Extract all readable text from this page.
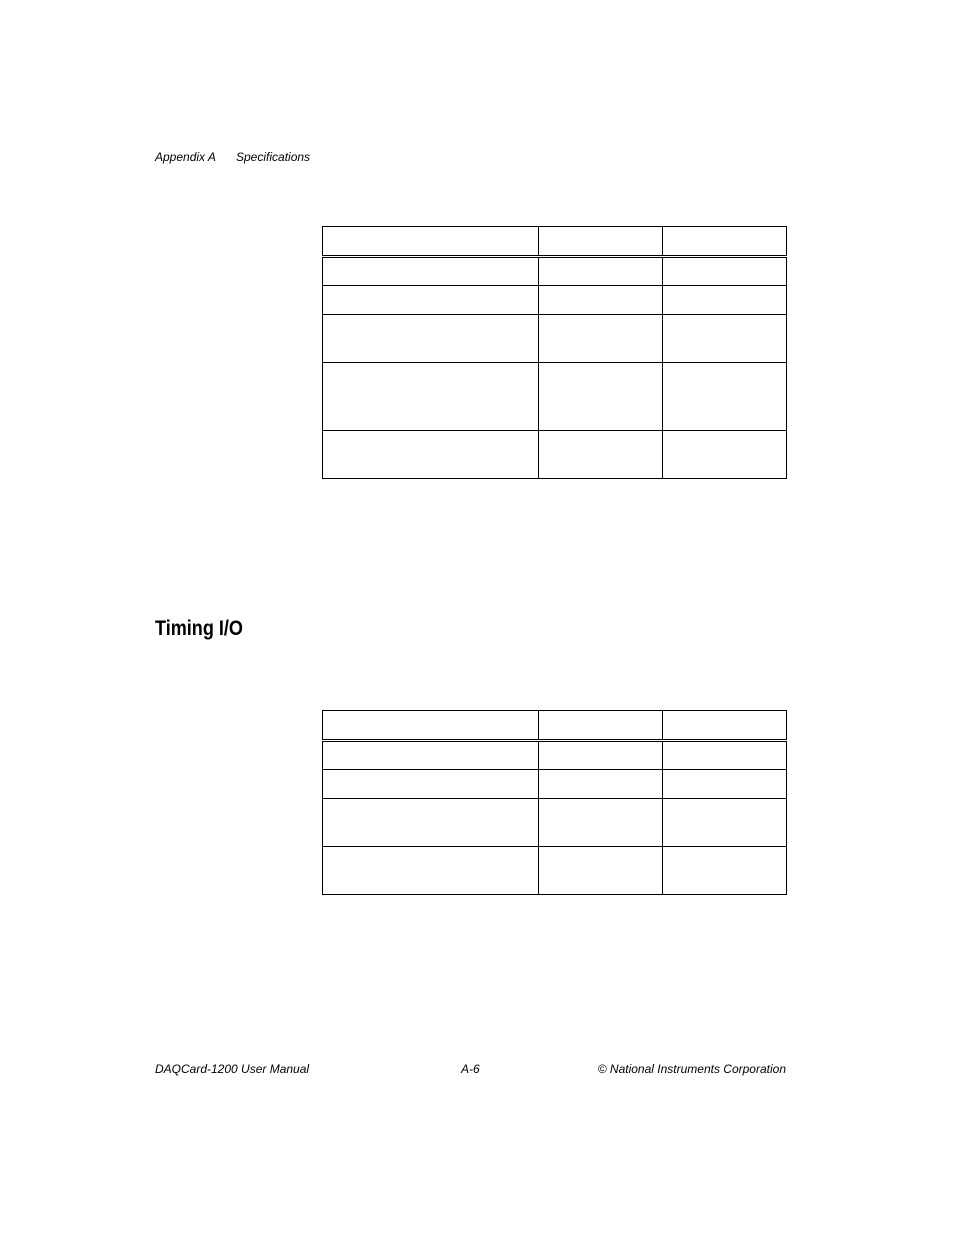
Appendix A Specifications

Timing I/O

DAQCard-1200 User Manual	A-6	© National Instruments Corporation
